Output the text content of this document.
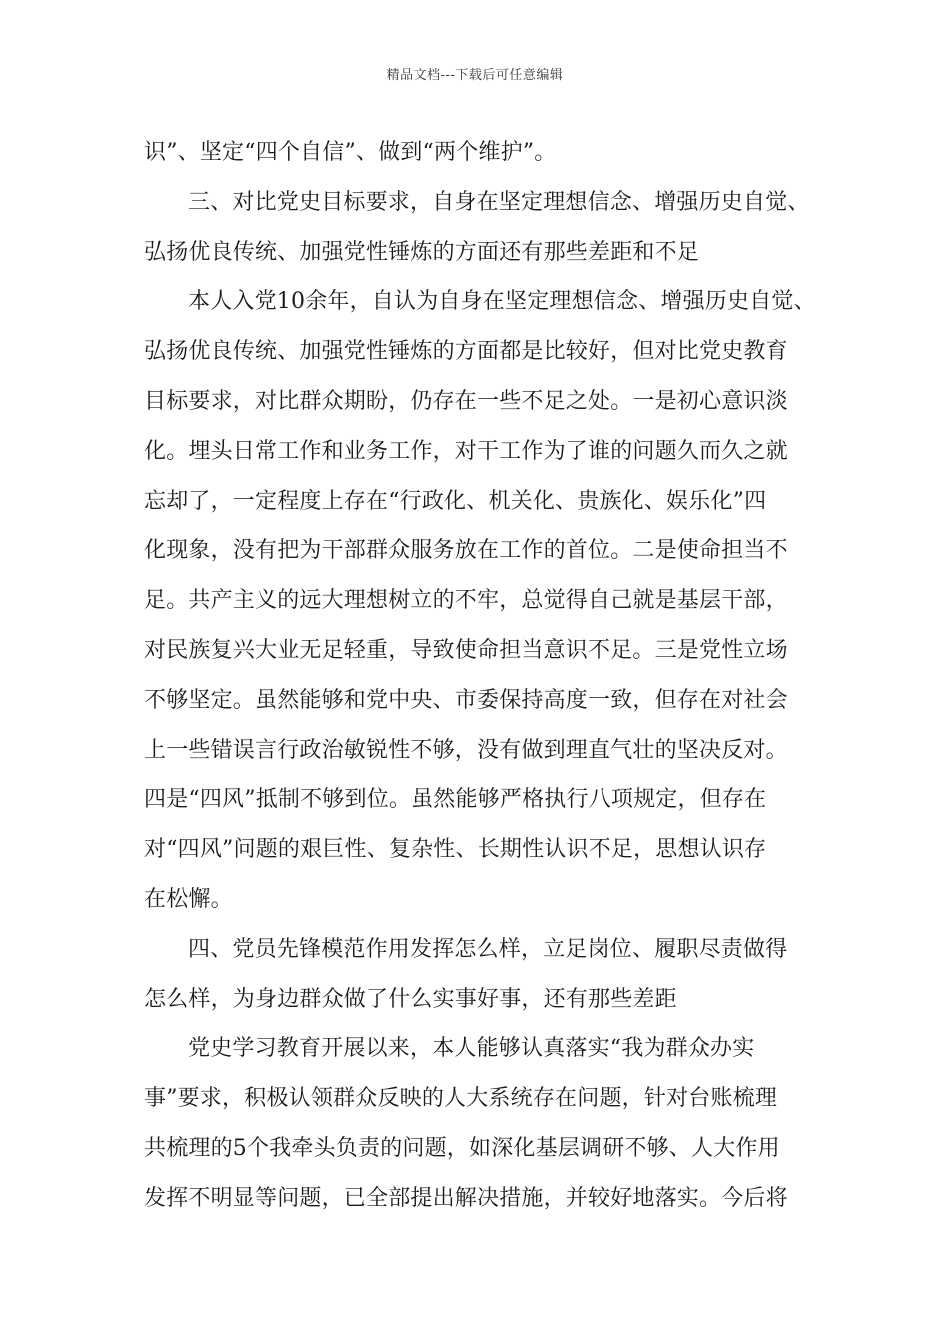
精品文档---下载后可任意编辑
识”、坚定“四个自信”、做到“两个维护”。
三、对比党史目标要求，自身在坚定理想信念、增强历史自觉、
弘扬优良传统、加强党性锤炼的方面还有那些差距和不足
本人入党10余年，自认为自身在坚定理想信念、增强历史自觉、
弘扬优良传统、加强党性锤炼的方面都是比较好，但对比党史教育
目标要求，对比群众期盼，仍存在一些不足之处。一是初心意识淡
化。埋头日常工作和业务工作，对干工作为了谁的问题久而久之就
忘却了，一定程度上存在“行政化、机关化、贵族化、娱乐化”四
化现象，没有把为干部群众服务放在工作的首位。二是使命担当不
足。共产主义的远大理想树立的不牢，总觉得自己就是基层干部，
对民族复兴大业无足轻重，导致使命担当意识不足。三是党性立场
不够坚定。虽然能够和党中央、市委保持高度一致，但存在对社会
上一些错误言行政治敏锐性不够，没有做到理直气壮的坚决反对。
四是“四风”抵制不够到位。虽然能够严格执行八项规定，但存在
对“四风”问题的艰巨性、复杂性、长期性认识不足，思想认识存
在松懈。
四、党员先锋模范作用发挥怎么样，立足岗位、履职尽责做得
怎么样，为身边群众做了什么实事好事，还有那些差距
党史学习教育开展以来，本人能够认真落实“我为群众办实
事”要求，积极认领群众反映的人大系统存在问题，针对台账梳理
共梳理的5个我牵头负责的问题，如深化基层调研不够、人大作用
发挥不明显等问题，已全部提出解决措施，并较好地落实。今后将
